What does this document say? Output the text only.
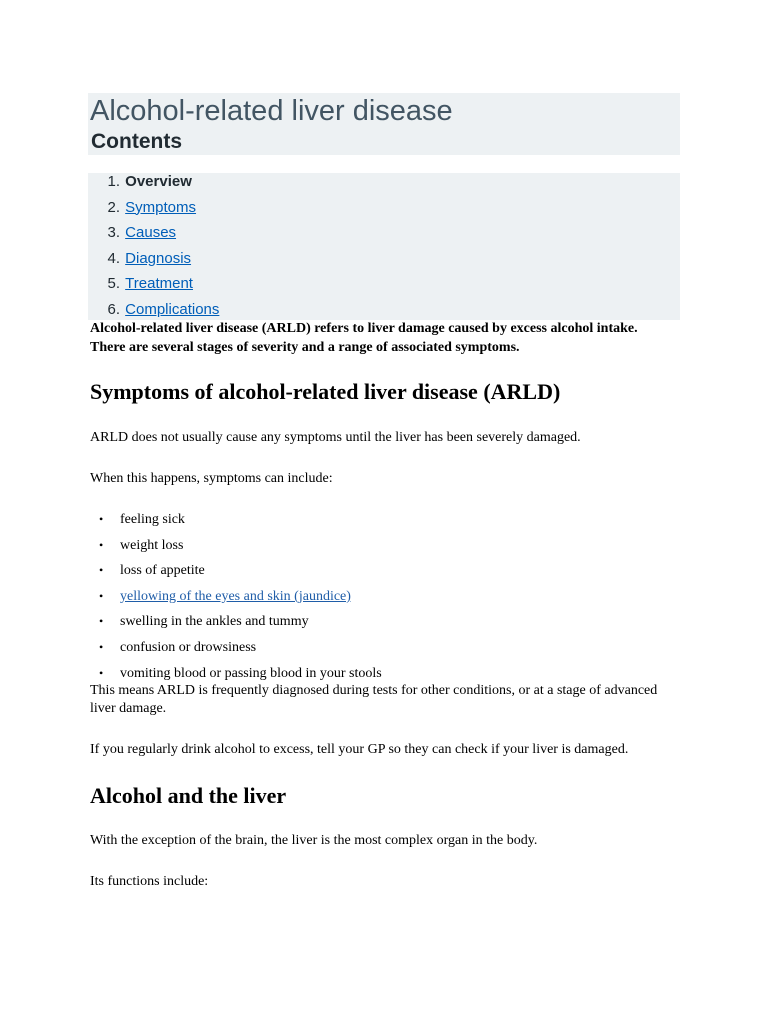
Alcohol-related liver disease
Contents
1. Overview
2. Symptoms
3. Causes
4. Diagnosis
5. Treatment
6. Complications

Alcohol-related liver disease (ARLD) refers to liver damage caused by excess alcohol intake. There are several stages of severity and a range of associated symptoms.

Symptoms of alcohol-related liver disease (ARLD)

ARLD does not usually cause any symptoms until the liver has been severely damaged.

When this happens, symptoms can include:

• feeling sick
• weight loss
• loss of appetite
• yellowing of the eyes and skin (jaundice)
• swelling in the ankles and tummy
• confusion or drowsiness
• vomiting blood or passing blood in your stools

This means ARLD is frequently diagnosed during tests for other conditions, or at a stage of advanced liver damage.

If you regularly drink alcohol to excess, tell your GP so they can check if your liver is damaged.

Alcohol and the liver

With the exception of the brain, the liver is the most complex organ in the body.

Its functions include:
